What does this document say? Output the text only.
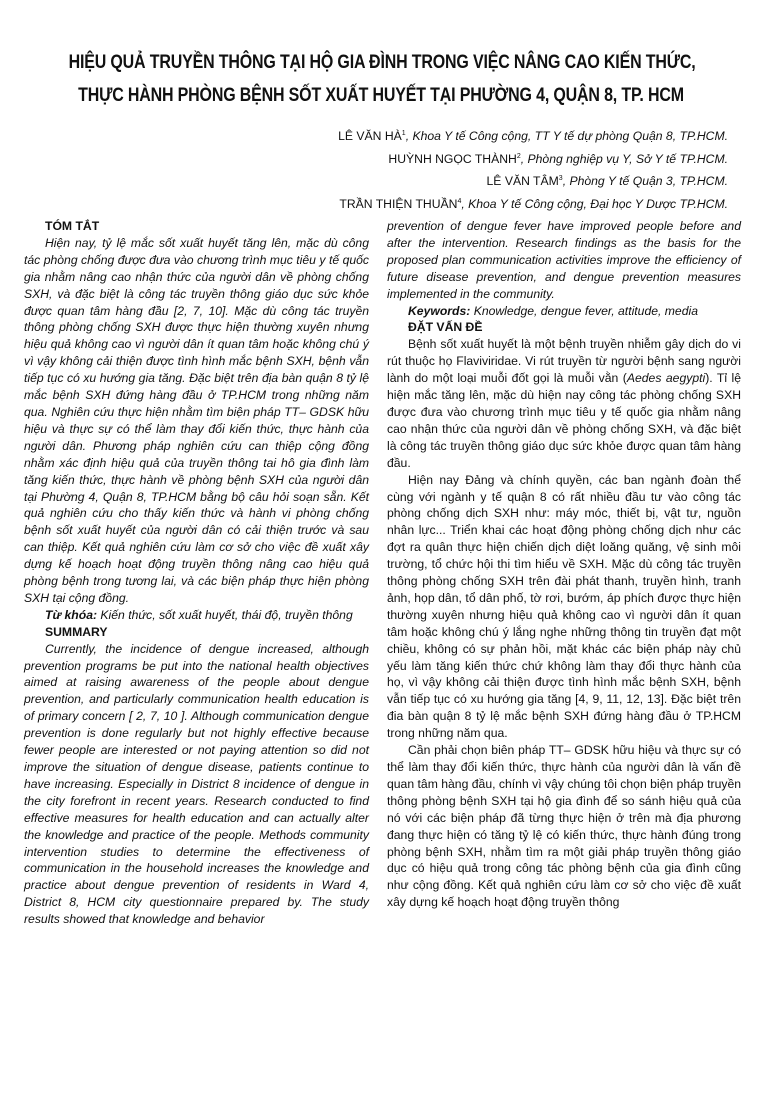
HIỆU QUẢ TRUYỀN THÔNG TẠI HỘ GIA ĐÌNH TRONG VIỆC NÂNG CAO KIẾN THỨC,
THỰC HÀNH PHÒNG BỆNH SỐT XUẤT HUYẾT TẠI PHƯỜNG 4, QUẬN 8, TP. HCM
LÊ VĂN $HÀ^1$, Khoa Y tế Công cộng, TT Y tế dự phòng Quận 8, TP.HCM.
HUỲNH NGỌC THÀNH$^2$, Phòng nghiệp vụ Y, Sở Y tế TP.HCM.
LÊ VĂN TÂM$^3$, Phòng Y tế Quận 3, TP.HCM.
TRẦN THIỆN THUẦN$^4$, Khoa Y tế Công cộng, Đại học Y Dược TP.HCM.
TÓM TẮT

Hiện nay, tỷ lệ mắc sốt xuất huyết tăng lên, mặc dù công tác phòng chống được đưa vào chương trình mục tiêu y tế quốc gia nhằm nâng cao nhận thức của người dân về phòng chống SXH, và đặc biệt là công tác truyền thông giáo dục sức khỏe được quan tâm hàng đầu [2, 7, 10]. Mặc dù công tác truyền thông phòng chống SXH được thực hiện thường xuyên nhưng hiệu quả không cao vì người dân ít quan tâm hoặc không chú ý vì vậy không cải thiện được tình hình mắc bệnh SXH, bệnh vẫn tiếp tục có xu hướng gia tăng. Đặc biệt trên địa bàn quận 8 tỷ lệ mắc bệnh SXH đứng hàng đầu ở TP.HCM trong những năm qua. Nghiên cứu thực hiện nhằm tìm biện pháp TT– GDSK hữu hiệu và thực sự có thể làm thay đổi kiến thức, thực hành của người dân. Phương pháp nghiên cứu can thiệp cộng đồng nhằm xác định hiệu quả của truyền thông tai hô gia đình làm tăng kiến thức, thực hành về phòng bệnh SXH của người dân tại Phường 4, Quận 8, TP.HCM bằng bộ câu hỏi soạn sẵn. Kết quả nghiên cứu cho thấy kiến thức và hành vi phòng chống bệnh sốt xuất huyết của người dân có cải thiện trước và sau can thiệp. Kết quả nghiên cứu làm cơ sở cho việc đề xuất xây dựng kế hoạch hoạt động truyền thông nâng cao hiệu quả phòng bệnh trong tương lai, và các biện pháp thực hiện phòng SXH tại cộng đồng.

Từ khóa: Kiến thức, sốt xuất huyết, thái độ, truyền thông

SUMMARY

Currently, the incidence of dengue increased, although prevention programs be put into the national health objectives aimed at raising awareness of the people about dengue prevention, and particularly communication health education is of primary concern [ 2, 7, 10 ]. Although communication dengue prevention is done regularly but not highly effective because fewer people are interested or not paying attention so did not improve the situation of dengue disease, patients continue to have increasing. Especially in District 8 incidence of dengue in the city forefront in recent years. Research conducted to find effective measures for health education and can actually alter the knowledge and practice of the people. Methods community intervention studies to determine the effectiveness of communication in the household increases the knowledge and practice about dengue prevention of residents in Ward 4, District 8, HCM city questionnaire prepared by. The study results showed that knowledge and behavior

prevention of dengue fever have improved people before and after the intervention. Research findings as the basis for the proposed plan communication activities improve the efficiency of future disease prevention, and dengue prevention measures implemented in the community.

Keywords: Knowledge, dengue fever, attitude, media

ĐẶT VẤN ĐỀ

Bệnh sốt xuất huyết là một bệnh truyền nhiễm gây dịch do vi rút thuộc họ Flaviviridae. Vi rút truyền từ người bệnh sang người lành do một loại muỗi đốt gọi là muỗi vằn (Aedes aegypti). Tỉ lệ hiện mắc tăng lên, mặc dù hiện nay công tác phòng chống SXH được đưa vào chương trình mục tiêu y tế quốc gia nhằm nâng cao nhận thức của người dân về phòng chống SXH, và đặc biệt là công tác truyền thông giáo dục sức khỏe được quan tâm hàng đầu.

Hiện nay Đảng và chính quyền, các ban ngành đoàn thể cùng với ngành y tế quận 8 có rất nhiều đầu tư vào công tác phòng chống dịch SXH như: máy móc, thiết bị, vật tư, nguồn nhân lực... Triển khai các hoạt động phòng chống dịch như các đợt ra quân thực hiện chiến dịch diệt loăng quăng, vệ sinh môi trường, tổ chức hội thi tìm hiểu về SXH. Mặc dù công tác truyền thông phòng chống SXH trên đài phát thanh, truyền hình, tranh ảnh, họp dân, tổ dân phố, tờ rơi, bướm, áp phích được thực hiện thường xuyên nhưng hiệu quả không cao vì người dân ít quan tâm hoặc không chú ý lắng nghe những thông tin truyền đạt một chiều, không có sự phản hồi, mặt khác các biện pháp này chủ yếu làm tăng kiến thức chứ không làm thay đổi thực hành của họ, vì vậy không cải thiện được tình hình mắc bệnh SXH, bệnh vẫn tiếp tục có xu hướng gia tăng [4, 9, 11, 12, 13]. Đặc biệt trên đia bàn quận 8 tỷ lệ mắc bệnh SXH đứng hàng đầu ở TP.HCM trong những năm qua.

Cần phải chọn biên pháp TT– GDSK hữu hiệu và thực sự có thể làm thay đổi kiến thức, thực hành của người dân là vấn đề quan tâm hàng đầu, chính vì vậy chúng tôi chọn biện pháp truyền thông phòng bệnh SXH tại hộ gia đình để so sánh hiệu quả của nó với các biện pháp đã từng thực hiện ở trên mà địa phương đang thực hiện có tăng tỷ lệ có kiến thức, thực hành đúng trong phòng bệnh SXH, nhằm tìm ra một giải pháp truyền thông giáo dục có hiệu quả trong công tác phòng bệnh của gia đình cũng như cộng đồng. Kết quả nghiên cứu làm cơ sở cho việc đề xuất xây dựng kế hoạch hoạt động truyền thông
